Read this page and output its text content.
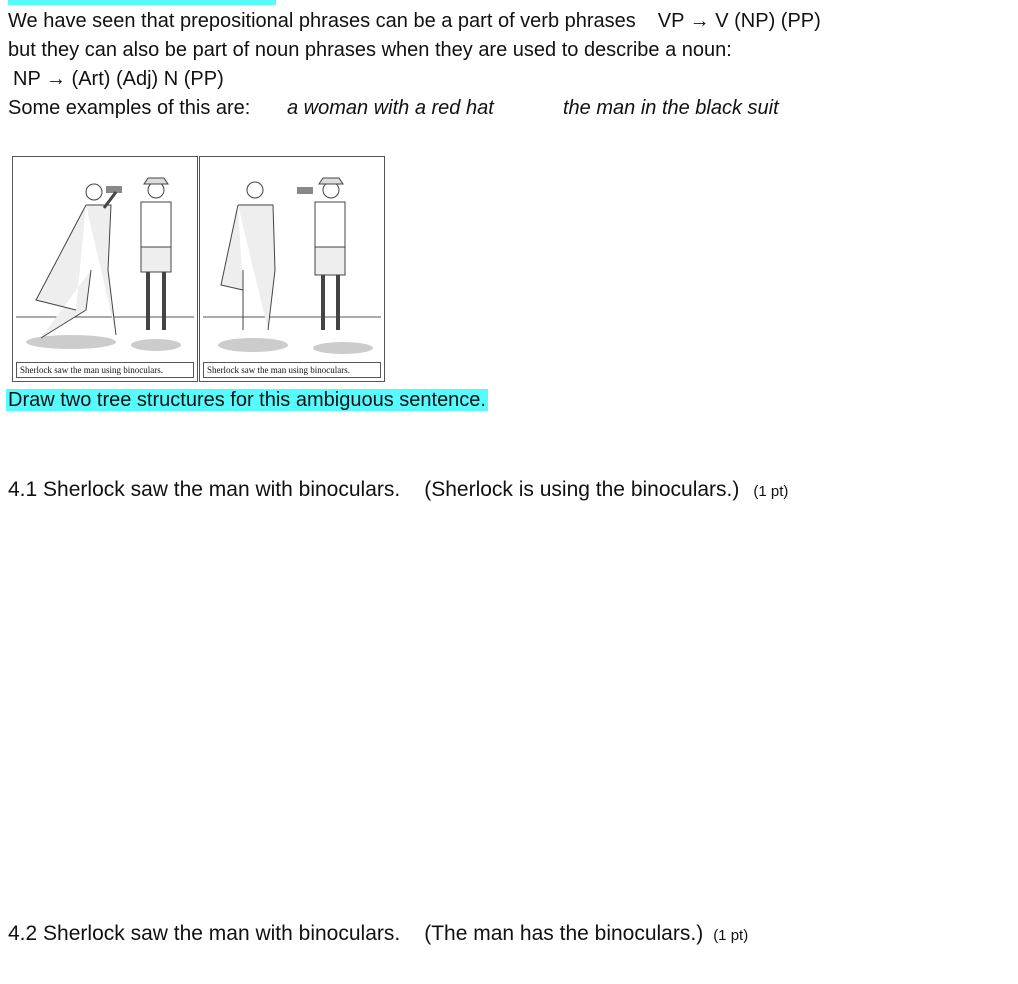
We have seen that prepositional phrases can be a part of verb phrases VP → V (NP) (PP)
but they can also be part of noun phrases when they are used to describe a noun:
NP → (Art) (Adj) N (PP)
Some examples of this are: a woman with a red hat	the man in the black suit
Sherlock saw the man using binoculars.	Sherlock saw the man using binoculars.
Draw two tree structures for this ambiguous sentence.
4.1 Sherlock saw the man with binoculars. (Sherlock is using the binoculars.) (1 pt)
4.2 Sherlock saw the man with binoculars. (The man has the binoculars.) (1 pt)
